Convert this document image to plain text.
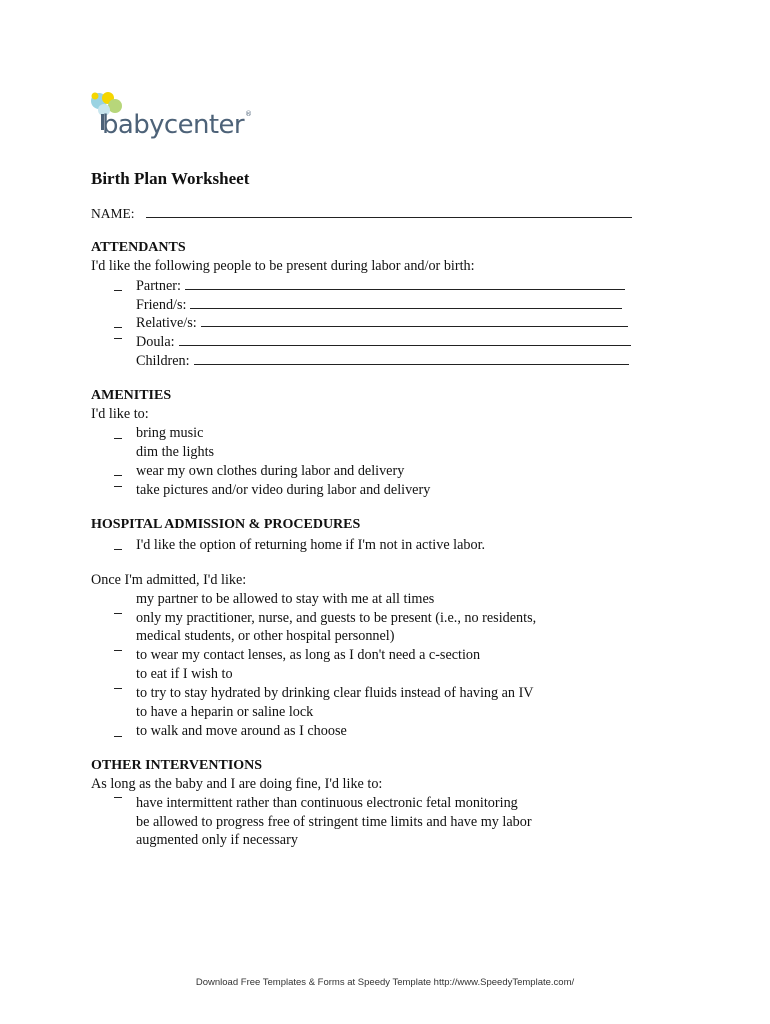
babycenter®
Birth Plan Worksheet
NAME:
ATTENDANTS
I'd like the following people to be present during labor and/or birth:
Partner:
Friend/s:
Relative/s:
Doula:
Children:
AMENITIES
I'd like to:
bring music
dim the lights
wear my own clothes during labor and delivery
take pictures and/or video during labor and delivery
HOSPITAL ADMISSION & PROCEDURES
I'd like the option of returning home if I'm not in active labor.
Once I'm admitted, I'd like:
my partner to be allowed to stay with me at all times
only my practitioner, nurse, and guests to be present (i.e., no residents,
medical students, or other hospital personnel)
to wear my contact lenses, as long as I don't need a c-section
to eat if I wish to
to try to stay hydrated by drinking clear fluids instead of having an IV
to have a heparin or saline lock
to walk and move around as I choose
OTHER INTERVENTIONS
As long as the baby and I are doing fine, I'd like to:
have intermittent rather than continuous electronic fetal monitoring
be allowed to progress free of stringent time limits and have my labor
augmented only if necessary
Download Free Templates & Forms at Speedy Template http://www.SpeedyTemplate.com/
